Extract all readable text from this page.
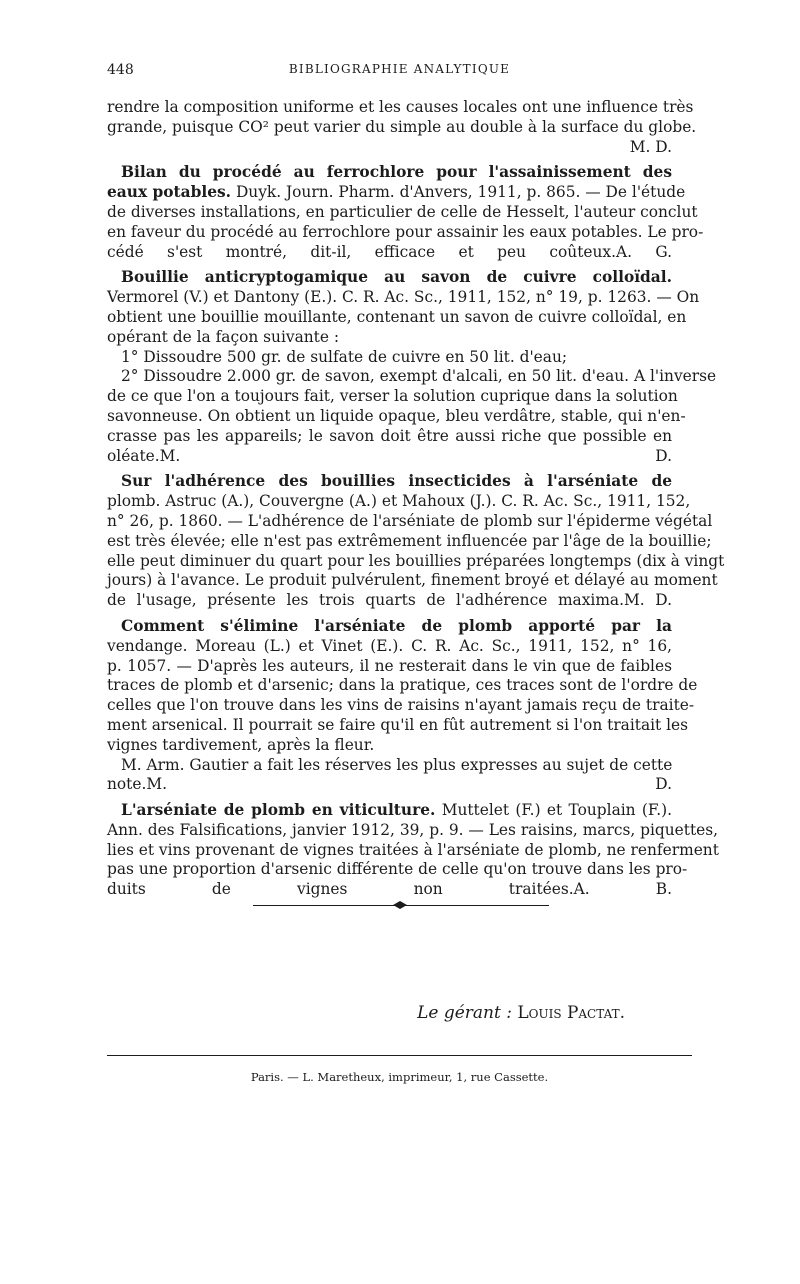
448	BIBLIOGRAPHIE ANALYTIQUE
rendre la composition uniforme et les causes locales ont une influence très
grande, puisque CO² peut varier du simple au double à la surface du globe.
M. D.
Bilan du procédé au ferrochlore pour l'assainissement des
eaux potables. Duyk. Journ. Pharm. d'Anvers, 1911, p. 865. — De l'étude
de diverses installations, en particulier de celle de Hesselt, l'auteur conclut
en faveur du procédé au ferrochlore pour assainir les eaux potables. Le pro-
cédé s'est montré, dit-il, efficace et peu coûteux.A. G.
Bouillie anticryptogamique au savon de cuivre colloïdal.
Vermorel (V.) et Dantony (E.). C. R. Ac. Sc., 1911, 152, n° 19, p. 1263. — On
obtient une bouillie mouillante, contenant un savon de cuivre colloïdal, en
opérant de la façon suivante :
1° Dissoudre 500 gr. de sulfate de cuivre en 50 lit. d'eau;
2° Dissoudre 2.000 gr. de savon, exempt d'alcali, en 50 lit. d'eau. A l'inverse
de ce que l'on a toujours fait, verser la solution cuprique dans la solution
savonneuse. On obtient un liquide opaque, bleu verdâtre, stable, qui n'en-
crasse pas les appareils; le savon doit être aussi riche que possible en
oléate.M. D.
Sur l'adhérence des bouillies insecticides à l'arséniate de
plomb. Astruc (A.), Couvergne (A.) et Mahoux (J.). C. R. Ac. Sc., 1911, 152,
n° 26, p. 1860. — L'adhérence de l'arséniate de plomb sur l'épiderme végétal
est très élevée; elle n'est pas extrêmement influencée par l'âge de la bouillie;
elle peut diminuer du quart pour les bouillies préparées longtemps (dix à vingt
jours) à l'avance. Le produit pulvérulent, finement broyé et délayé au moment
de l'usage, présente les trois quarts de l'adhérence maxima.M. D.
Comment s'élimine l'arséniate de plomb apporté par la
vendange. Moreau (L.) et Vinet (E.). C. R. Ac. Sc., 1911, 152, n° 16,
p. 1057. — D'après les auteurs, il ne resterait dans le vin que de faibles
traces de plomb et d'arsenic; dans la pratique, ces traces sont de l'ordre de
celles que l'on trouve dans les vins de raisins n'ayant jamais reçu de traite-
ment arsenical. Il pourrait se faire qu'il en fût autrement si l'on traitait les
vignes tardivement, après la fleur.
M. Arm. Gautier a fait les réserves les plus expresses au sujet de cette
note.M. D.
L'arséniate de plomb en viticulture. Muttelet (F.) et Touplain (F.).
Ann. des Falsifications, janvier 1912, 39, p. 9. — Les raisins, marcs, piquettes,
lies et vins provenant de vignes traitées à l'arséniate de plomb, ne renferment
pas une proportion d'arsenic différente de celle qu'on trouve dans les pro-
duits de vignes non traitées.A. B.
Le gérant : Louis Pactat.
Paris. — L. Maretheux, imprimeur, 1, rue Cassette.
